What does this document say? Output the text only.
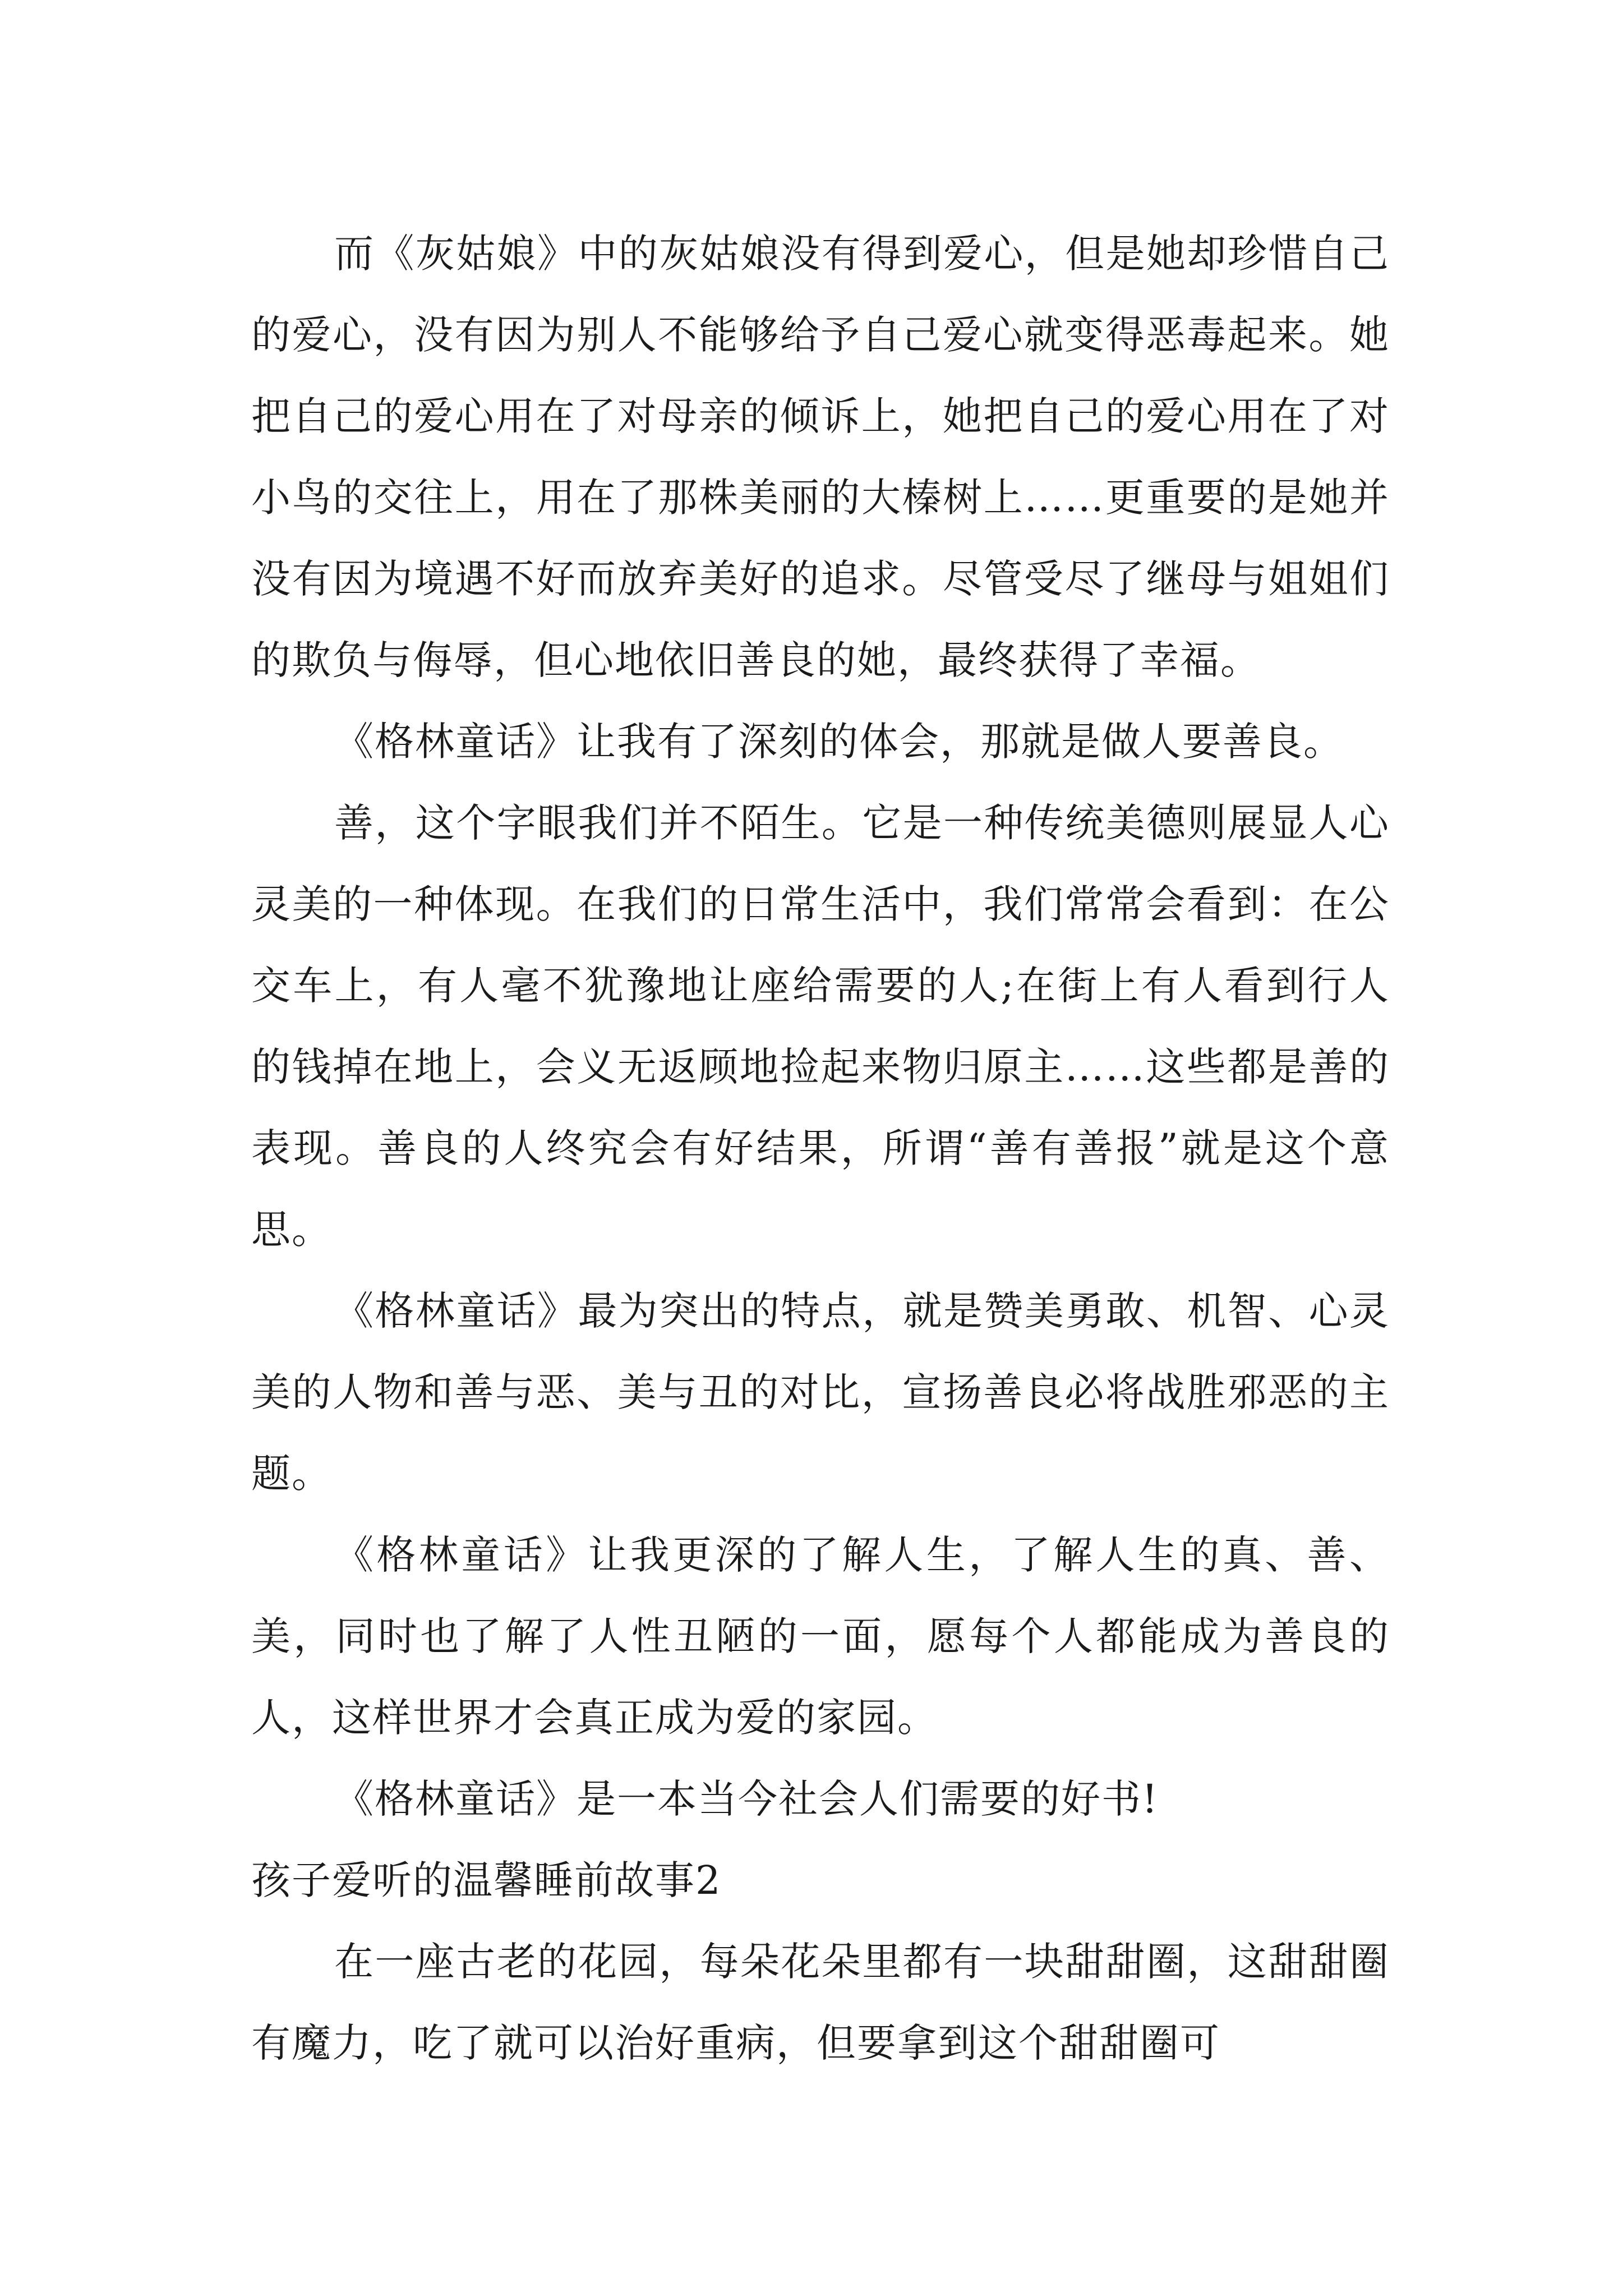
而《灰姑娘》中的灰姑娘没有得到爱心，但是她却珍惜自己的爱心，没有因为别人不能够给予自己爱心就变得恶毒起来。她把自己的爱心用在了对母亲的倾诉上，她把自己的爱心用在了对小鸟的交往上，用在了那株美丽的大榛树上……更重要的是她并没有因为境遇不好而放弃美好的追求。尽管受尽了继母与姐姐们的欺负与侮辱，但心地依旧善良的她，最终获得了幸福。

《格林童话》让我有了深刻的体会，那就是做人要善良。

善，这个字眼我们并不陌生。它是一种传统美德则展显人心灵美的一种体现。在我们的日常生活中，我们常常会看到：在公交车上，有人毫不犹豫地让座给需要的人;在街上有人看到行人的钱掉在地上，会义无返顾地捡起来物归原主……这些都是善的表现。善良的人终究会有好结果，所谓“善有善报”就是这个意思。

《格林童话》最为突出的特点，就是赞美勇敢、机智、心灵美的人物和善与恶、美与丑的对比，宣扬善良必将战胜邪恶的主题。

《格林童话》让我更深的了解人生，了解人生的真、善、美，同时也了解了人性丑陋的一面，愿每个人都能成为善良的人，这样世界才会真正成为爱的家园。

《格林童话》是一本当今社会人们需要的好书!

孩子爱听的温馨睡前故事2

在一座古老的花园，每朵花朵里都有一块甜甜圈，这甜甜圈有魔力，吃了就可以治好重病，但要拿到这个甜甜圈可
